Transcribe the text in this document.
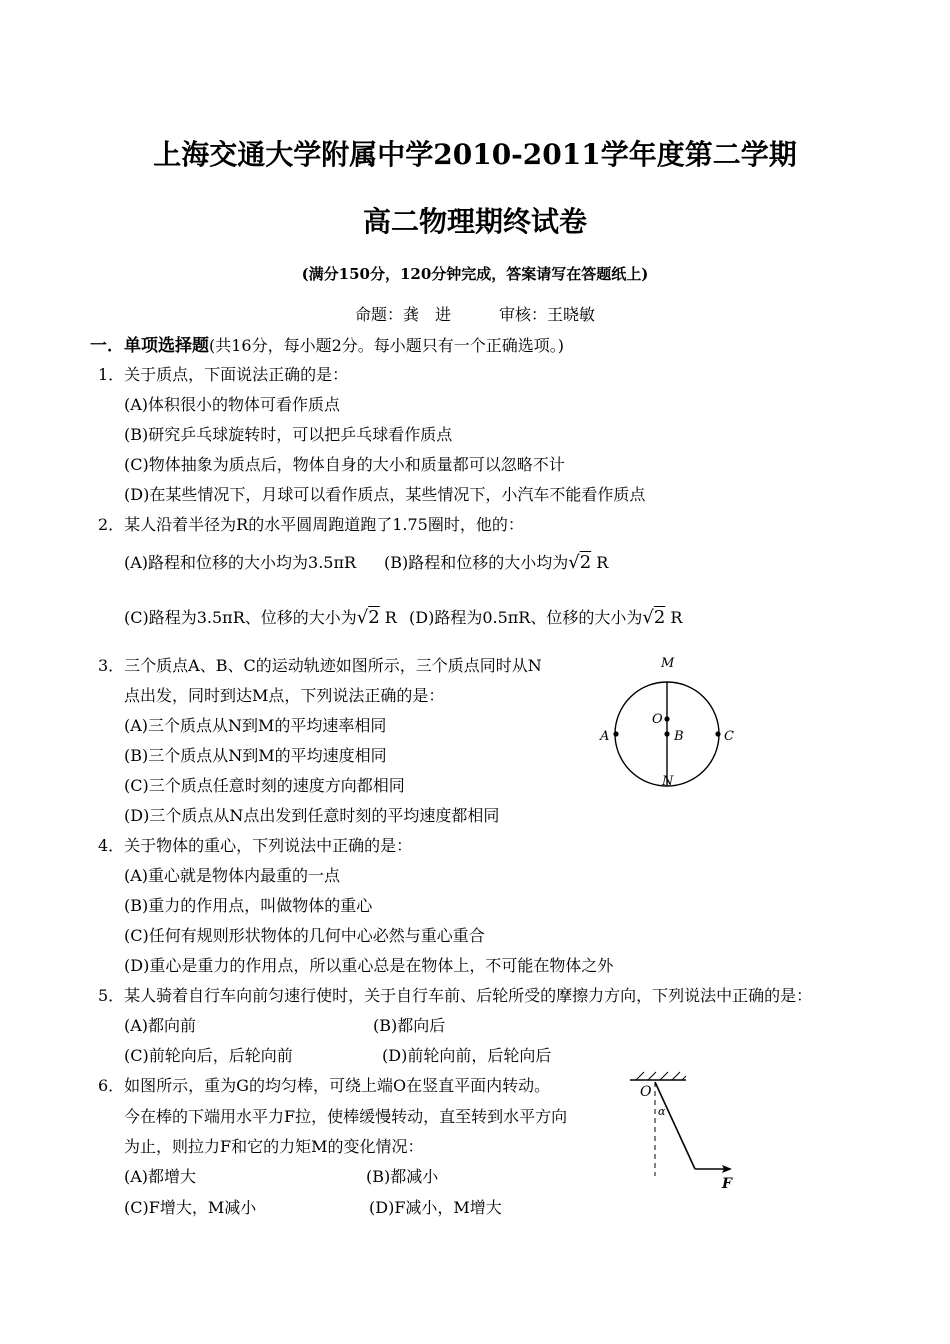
上海交通大学附属中学2010-2011学年度第二学期
高二物理期终试卷
(满分150分，120分钟完成，答案请写在答题纸上)
命题：龚　进　　　审核：王晓敏
一．单项选择题(共16分，每小题2分。每小题只有一个正确选项。)
1．关于质点，下面说法正确的是：
(A)体积很小的物体可看作质点
(B)研究乒乓球旋转时，可以把乒乓球看作质点
(C)物体抽象为质点后，物体自身的大小和质量都可以忽略不计
(D)在某些情况下，月球可以看作质点，某些情况下，小汽车不能看作质点
2．某人沿着半径为R的水平圆周跑道跑了1.75圈时，他的：
(A)路程和位移的大小均为3.5πR (B)路程和位移的大小均为√2 R
(C)路程为3.5πR、位移的大小为√2 R (D)路程为0.5πR、位移的大小为√2 R
3．三个质点A、B、C的运动轨迹如图所示，三个质点同时从N
点出发，同时到达M点，下列说法正确的是：
(A)三个质点从N到M的平均速率相同
(B)三个质点从N到M的平均速度相同
(C)三个质点任意时刻的速度方向都相同
(D)三个质点从N点出发到任意时刻的平均速度都相同
M
N
O
B
A	C
4．关于物体的重心，下列说法中正确的是：
(A)重心就是物体内最重的一点
(B)重力的作用点，叫做物体的重心
(C)任何有规则形状物体的几何中心必然与重心重合
(D)重心是重力的作用点，所以重心总是在物体上，不可能在物体之外
5．某人骑着自行车向前匀速行使时，关于自行车前、后轮所受的摩擦力方向，下列说法中正确的是：
(A)都向前	(B)都向后
(C)前轮向后，后轮向前	(D)前轮向前，后轮向后
6．如图所示，重为G的均匀棒，可绕上端O在竖直平面内转动。
今在棒的下端用水平力F拉，使棒缓慢转动，直至转到水平方向
为止，则拉力F和它的力矩M的变化情况：
(A)都增大	(B)都减小
(C)F增大，M减小	(D)F减小，M增大
O
α
F
